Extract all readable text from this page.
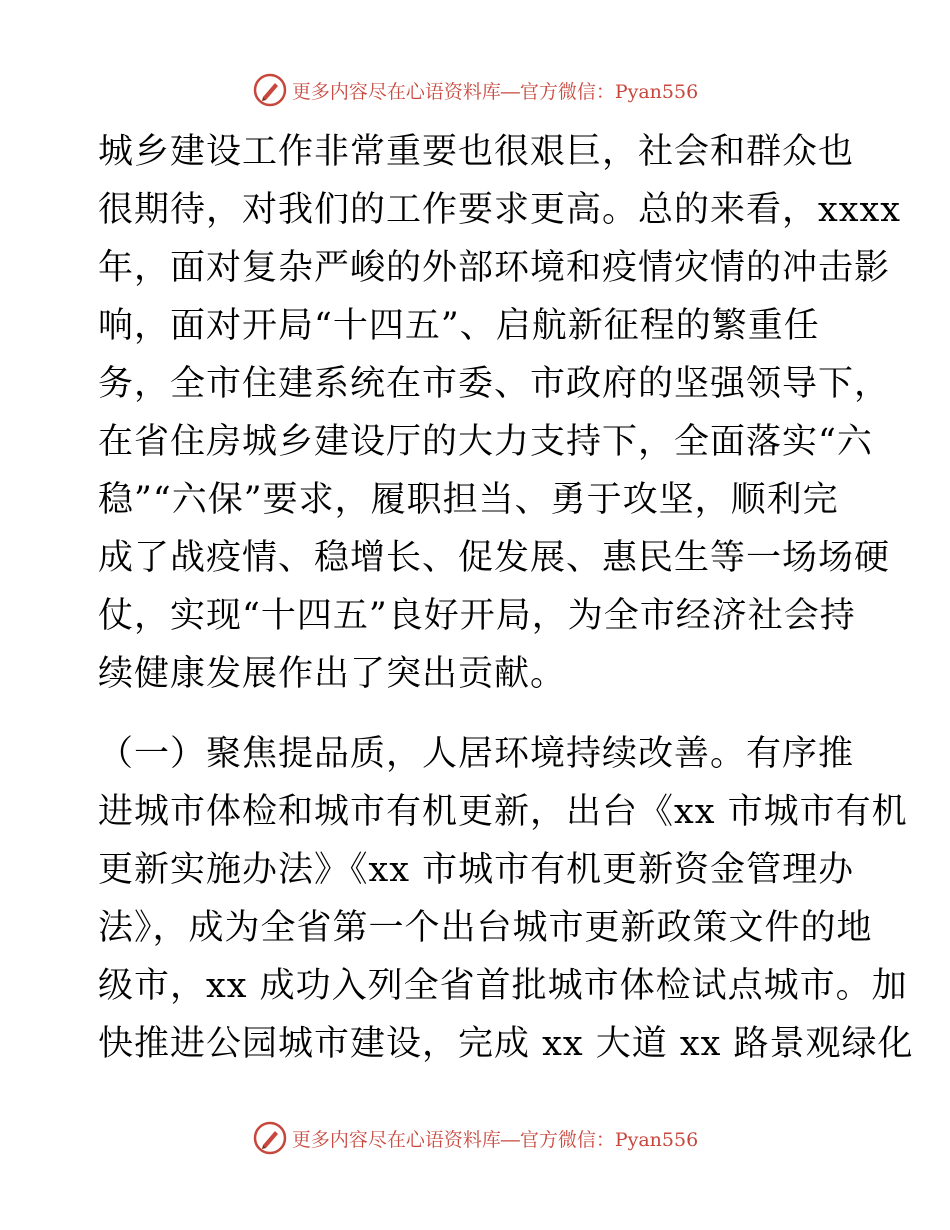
更多内容尽在心语资料库—官方微信：Pyan556
城乡建设工作非常重要也很艰巨，社会和群众也
很期待，对我们的工作要求更高。总的来看，xxxx
年，面对复杂严峻的外部环境和疫情灾情的冲击影
响，面对开局“十四五”、启航新征程的繁重任
务，全市住建系统在市委、市政府的坚强领导下，
在省住房城乡建设厅的大力支持下，全面落实“六
稳”“六保”要求，履职担当、勇于攻坚，顺利完
成了战疫情、稳增长、促发展、惠民生等一场场硬
仗，实现“十四五”良好开局，为全市经济社会持
续健康发展作出了突出贡献。
（一）聚焦提品质，人居环境持续改善。有序推
进城市体检和城市有机更新，出台《xx 市城市有机
更新实施办法》《xx 市城市有机更新资金管理办
法》，成为全省第一个出台城市更新政策文件的地
级市，xx 成功入列全省首批城市体检试点城市。加
快推进公园城市建设，完成 xx 大道 xx 路景观绿化
更多内容尽在心语资料库—官方微信：Pyan556
